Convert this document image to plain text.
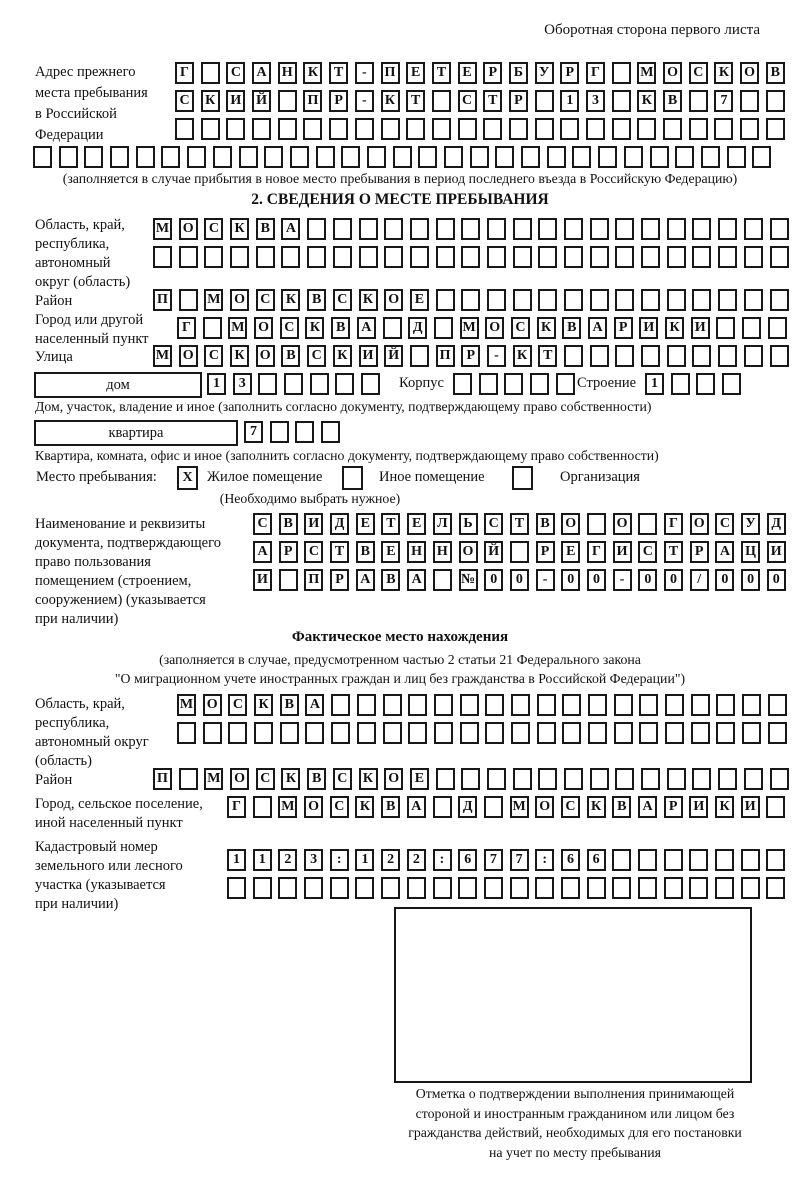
Оборотная сторона первого листа
Адрес прежнего
места пребывания
в Российской
Федерации
Г	С	А	Н	К	Т	-	П	Е	Т	Е	Р	Б	У	Р	Г	М О	С	К	О	В
С	К	И Й	П	Р	-	К	Т	С	Т	Р	1	3	К	В	7
(заполняется в случае прибытия в новое место пребывания в период последнего въезда в Российскую Федерацию)
2. СВЕДЕНИЯ О МЕСТЕ ПРЕБЫВАНИЯ
Область, край,
республика,
автономный
округ (область)
М О	С	К	В	А
Район	П	М О	С	К	В	С	К	О	Е
Город или другой
населенный пункт
Г	М О	С	К	В	А	Д	М О	С	К	В	А	Р	И	К	И
Улица	М О	С	К	О	В	С	К	И Й	П	Р	-	К	Т
дом	1	3	Корпус	Строение	1
Дом, участок, владение и иное (заполнить согласно документу, подтверждающему право собственности)
квартира	7
Квартира, комната, офис и иное (заполнить согласно документу, подтверждающему право собственности)
Место пребывания:	X Жилое помещение	Иное помещение	Организация
(Необходимо выбрать нужное)
Наименование и реквизиты
документа, подтверждающего
право пользования
помещением (строением,
сооружением) (указывается
при наличии)
С	В	И	Д	Е	Т	Е	Л	Ь	С	Т	В	О	О	Г	О	С	У	Д
А	Р	С	Т	В	Е	Н Н О Й	Р	Е	Г	И	С	Т	Р	А	Ц И
И	П	Р	А	В	А	№	0	0	-	0	0	-	0	0	/	0	0	0
Фактическое место нахождения
(заполняется в случае, предусмотренном частью 2 статьи 21 Федерального закона
"О миграционном учете иностранных граждан и лиц без гражданства в Российской Федерации")
Область, край,
республика,
автономный округ
(область)
М О	С	К	В	А
Район	П	М О	С	К	В	С	К	О	Е
Город, сельское поселение,
иной населенный пункт
Г	М О	С	К	В	А	Д	М О	С	К	В	А	Р	И	К	И
Кадастровый номер
земельного или лесного
участка (указывается
при наличии)
1	1	2	3	:	1	2	2	:	6	7	7	:	6	6
Отметка о подтверждении выполнения принимающей
стороной и иностранным гражданином или лицом без
гражданства действий, необходимых для его постановки
на учет по месту пребывания
